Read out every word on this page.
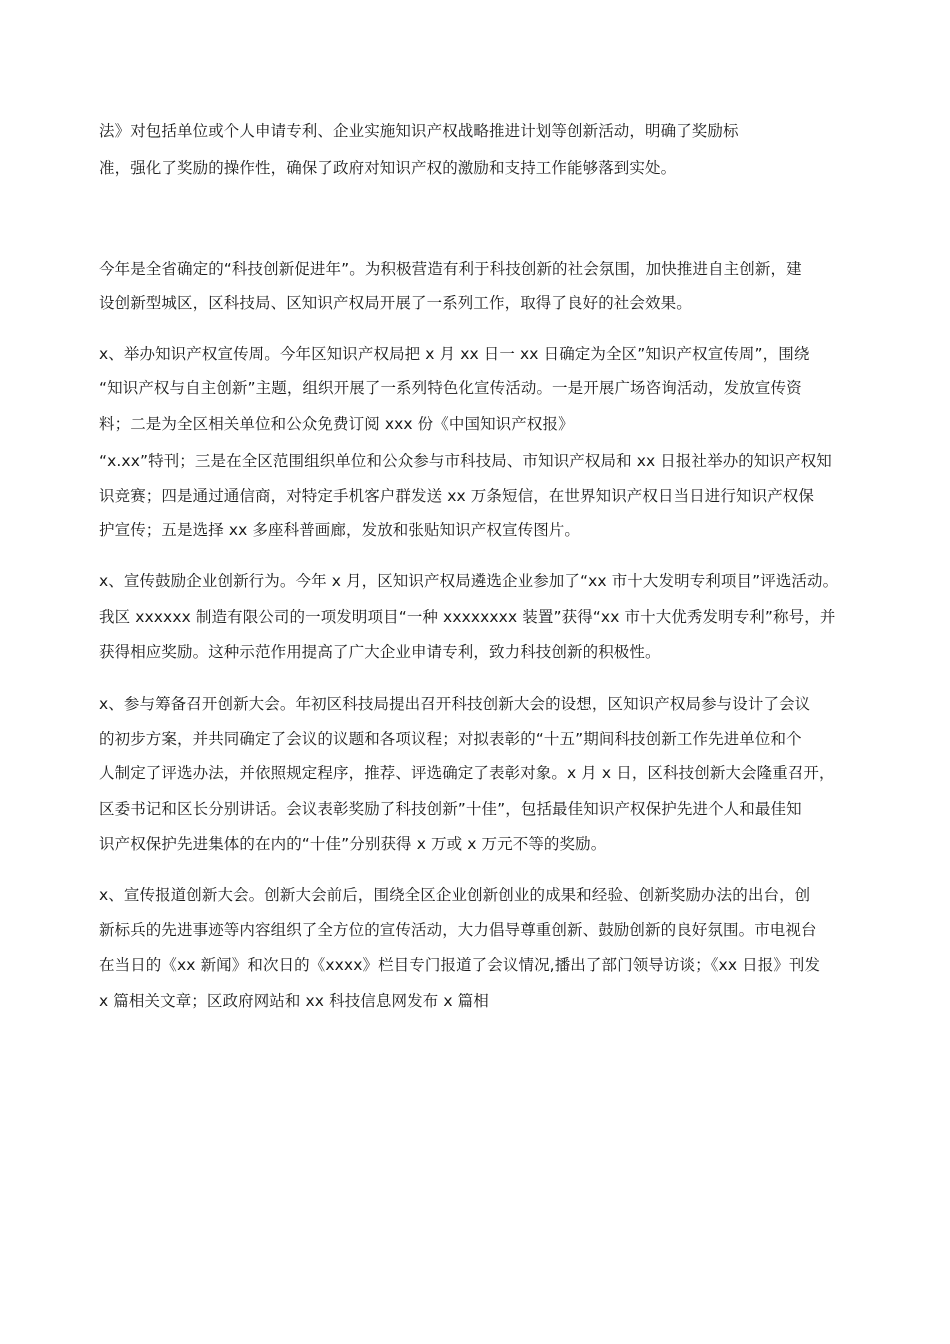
法》对包括单位或个人申请专利、企业实施知识产权战略推进计划等创新活动，明确了奖励标
准，强化了奖励的操作性，确保了政府对知识产权的激励和支持工作能够落到实处。
今年是全省确定的“科技创新促进年”。为积极营造有利于科技创新的社会氛围，加快推进自主创新，建
设创新型城区，区科技局、区知识产权局开展了一系列工作，取得了良好的社会效果。
x、举办知识产权宣传周。今年区知识产权局把 x 月 xx 日一 xx 日确定为全区”知识产权宣传周”，围绕
“知识产权与自主创新”主题，组织开展了一系列特色化宣传活动。一是开展广场咨询活动，发放宣传资
料；二是为全区相关单位和公众免费订阅 xxx 份《中国知识产权报》
“x.xx”特刊；三是在全区范围组织单位和公众参与市科技局、市知识产权局和 xx 日报社举办的知识产权知
识竞赛；四是通过通信商，对特定手机客户群发送 xx 万条短信，在世界知识产权日当日进行知识产权保
护宣传；五是选择 xx 多座科普画廊，发放和张贴知识产权宣传图片。
x、宣传鼓励企业创新行为。今年 x 月，区知识产权局遴选企业参加了“xx 市十大发明专利项目”评选活动。
我区 xxxxxx 制造有限公司的一项发明项目“一种 xxxxxxxx 装置”获得“xx 市十大优秀发明专利”称号，并
获得相应奖励。这种示范作用提高了广大企业申请专利，致力科技创新的积极性。
x、参与筹备召开创新大会。年初区科技局提出召开科技创新大会的设想，区知识产权局参与设计了会议
的初步方案，并共同确定了会议的议题和各项议程；对拟表彰的“十五”期间科技创新工作先进单位和个
人制定了评选办法，并依照规定程序，推荐、评选确定了表彰对象。x 月 x 日，区科技创新大会隆重召开，
区委书记和区长分别讲话。会议表彰奖励了科技创新”十佳”，包括最佳知识产权保护先进个人和最佳知
识产权保护先进集体的在内的“十佳”分别获得 x 万或 x 万元不等的奖励。
x、宣传报道创新大会。创新大会前后，围绕全区企业创新创业的成果和经验、创新奖励办法的出台，创
新标兵的先进事迹等内容组织了全方位的宣传活动，大力倡导尊重创新、鼓励创新的良好氛围。市电视台
在当日的《xx 新闻》和次日的《xxxx》栏目专门报道了会议情况,播出了部门领导访谈；《xx 日报》刊发
x 篇相关文章；区政府网站和 xx 科技信息网发布 x 篇相
